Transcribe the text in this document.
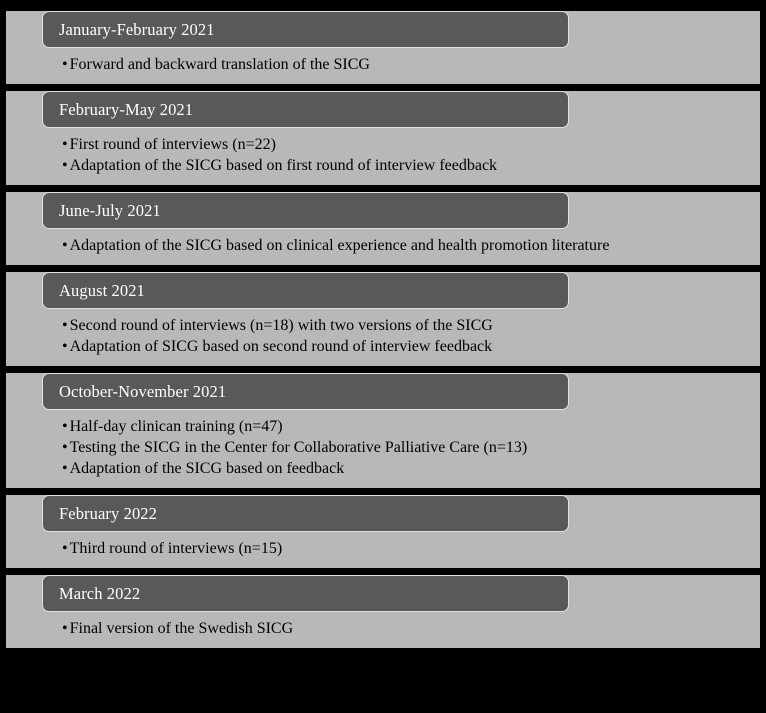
January-February 2021
• Forward and backward translation of the SICG
February-May 2021
• First round of interviews (n=22)
• Adaptation of the SICG based on first round of interview feedback
June-July 2021
• Adaptation of the SICG based on clinical experience and health promotion literature
August 2021
• Second round of interviews (n=18) with two versions of the SICG
• Adaptation of SICG based on second round of interview feedback
October-November 2021
• Half-day clinican training (n=47)
• Testing the SICG in the Center for Collaborative Palliative Care (n=13)
• Adaptation of the SICG based on feedback
February 2022
• Third round of interviews (n=15)
March 2022
• Final version of the Swedish SICG
